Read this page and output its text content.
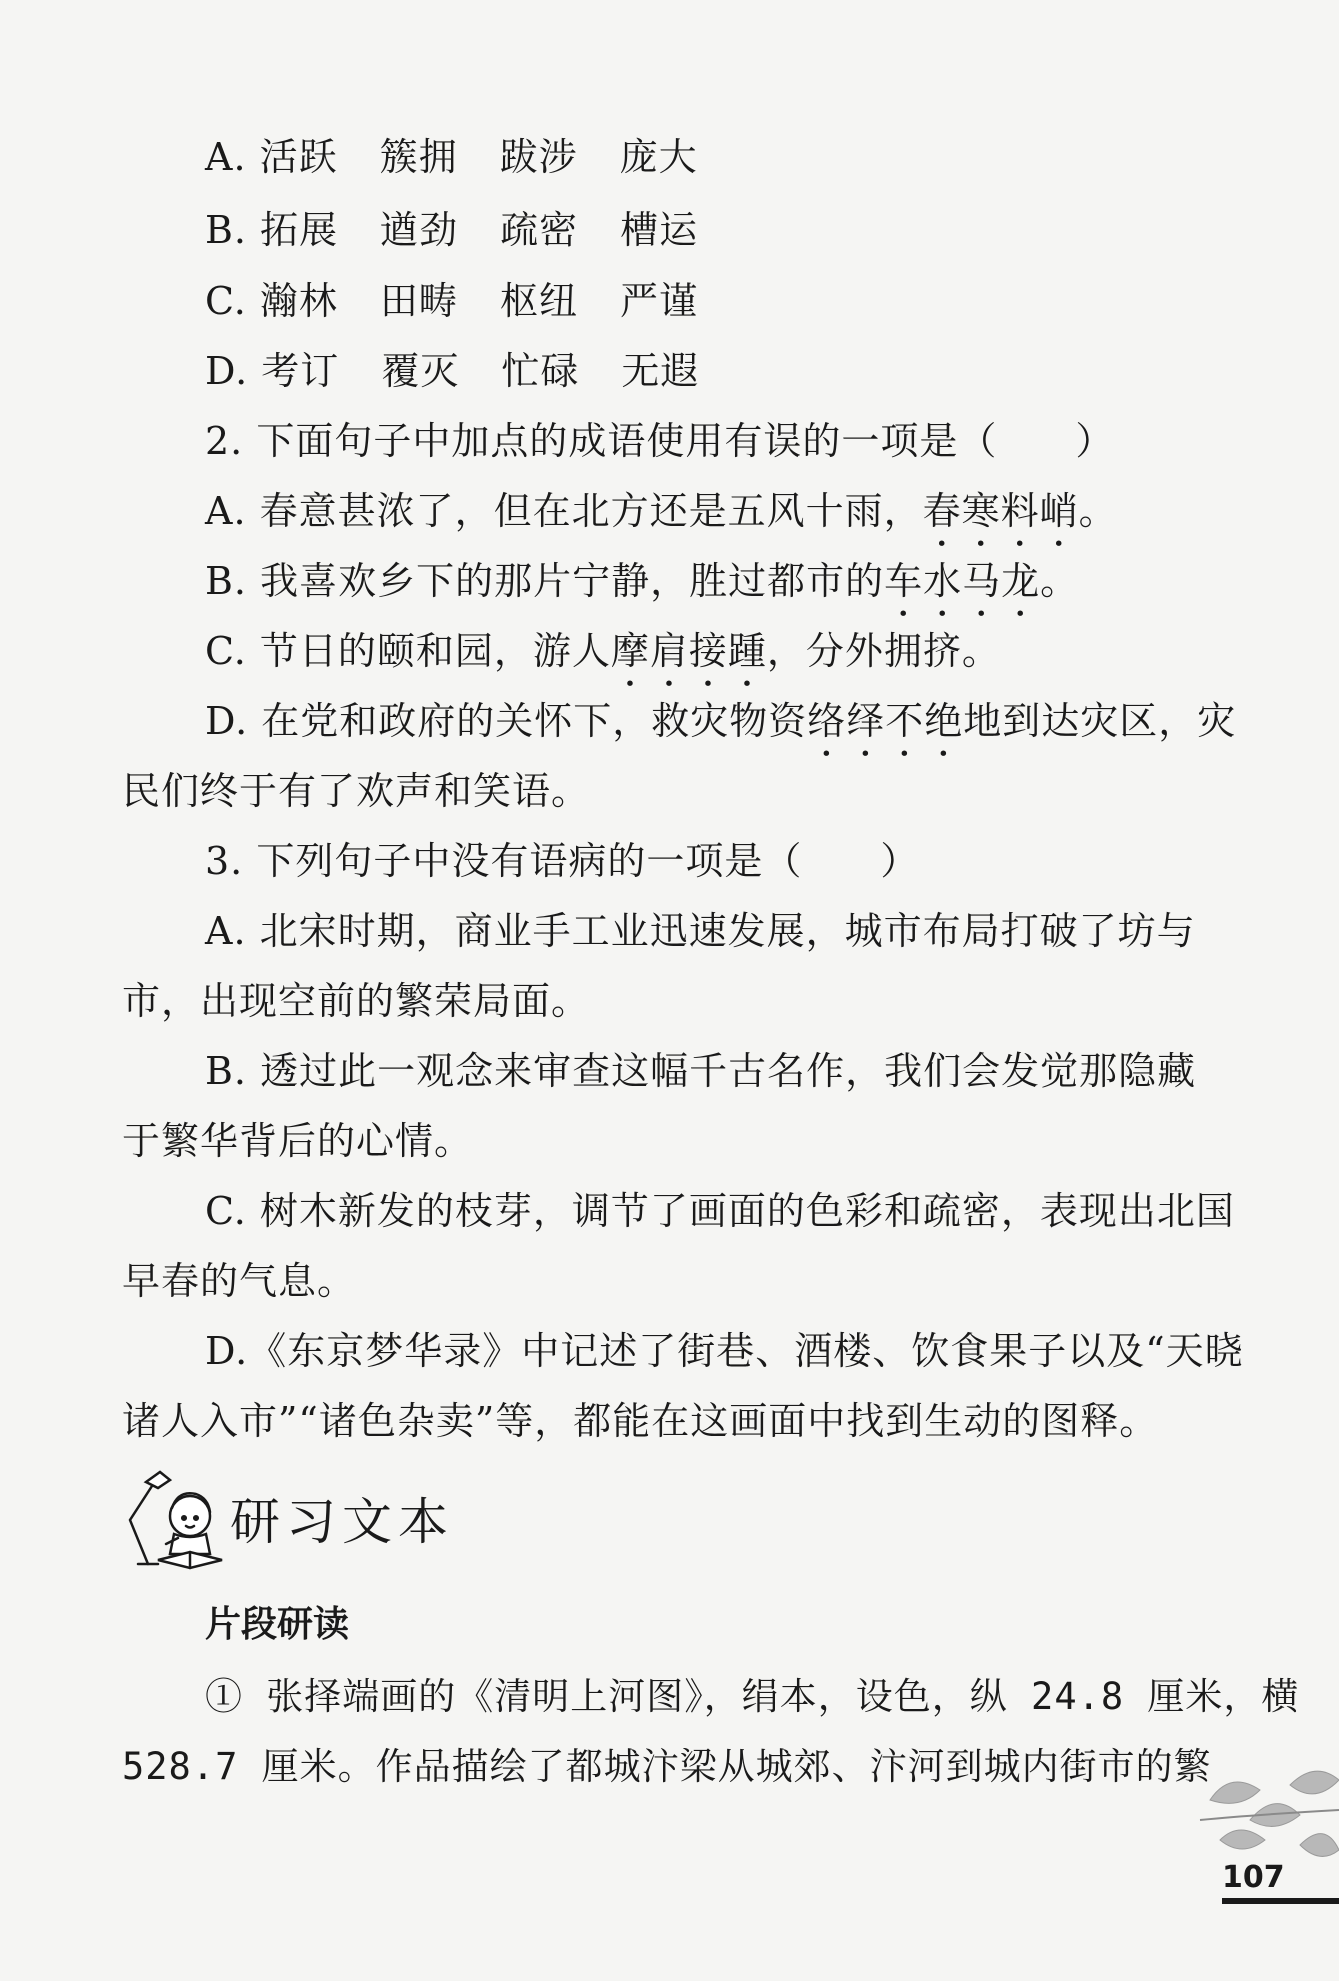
A. 活跃 簇拥 跋涉 庞大
B. 拓展 遒劲 疏密 槽运
C. 瀚林 田畴 枢纽 严谨
D. 考订 覆灭 忙碌 无遐
2. 下面句子中加点的成语使用有误的一项是（　　）
A. 春意甚浓了，但在北方还是五风十雨，春寒料峭。
B. 我喜欢乡下的那片宁静，胜过都市的车水马龙。
C. 节日的颐和园，游人摩肩接踵，分外拥挤。
D. 在党和政府的关怀下，救灾物资络绎不绝地到达灾区，灾
民们终于有了欢声和笑语。
3. 下列句子中没有语病的一项是（　　）
A. 北宋时期，商业手工业迅速发展，城市布局打破了坊与
市，出现空前的繁荣局面。
B. 透过此一观念来审查这幅千古名作，我们会发觉那隐藏
于繁华背后的心情。
C. 树木新发的枝芽，调节了画面的色彩和疏密，表现出北国
早春的气息。
D.《东京梦华录》中记述了街巷、酒楼、饮食果子以及“天晓
诸人入市”“诸色杂卖”等，都能在这画面中找到生动的图释。
研习文本
片段研读
① 张择端画的《清明上河图》，绢本，设色，纵 24.8 厘米，横
528.7 厘米。作品描绘了都城汴梁从城郊、汴河到城内街市的繁
107
